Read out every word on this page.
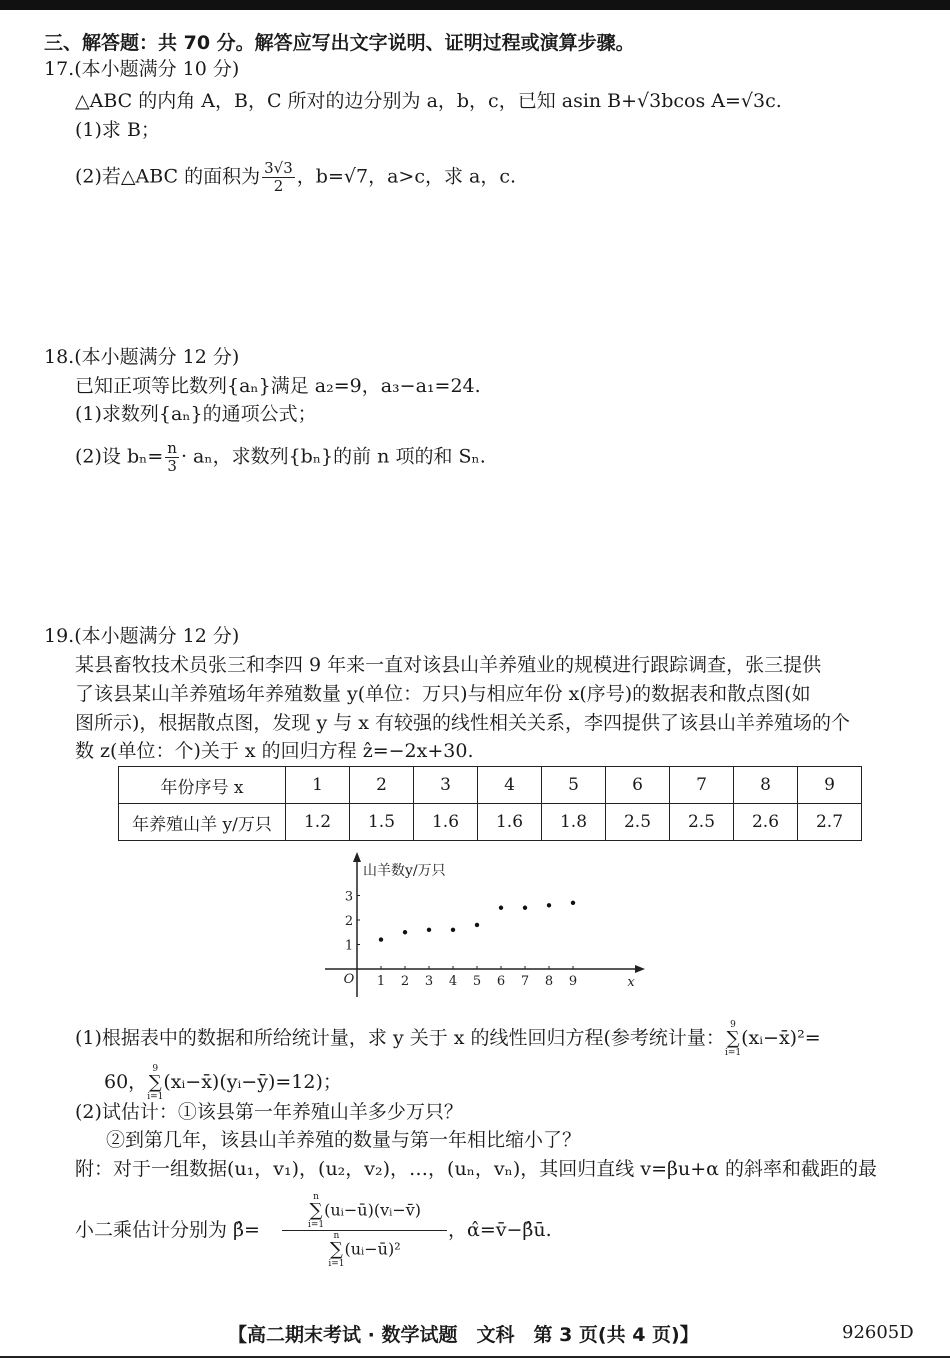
三、解答题：共 70 分。解答应写出文字说明、证明过程或演算步骤。
17.(本小题满分 10 分)
△ABC 的内角 A，B，C 所对的边分别为 a，b，c，已知 asin B+√3bcos A=√3c.
(1)求 B；
(2)若△ABC 的面积为 $\frac{3√3}{2}$ ，b=√7，a>c，求 a，c.
18.(本小题满分 12 分)
已知正项等比数列{aₙ}满足 a₂=9，a₃−a₁=24.
(1)求数列{aₙ}的通项公式；
(2)设 $b_n= \frac{n}{3} \cdot a_n$，求数列{bₙ}的前 n 项的和 Sₙ.
19.(本小题满分 12 分)
某县畜牧技术员张三和李四 9 年来一直对该县山羊养殖业的规模进行跟踪调查，张三提供
了该县某山羊养殖场年养殖数量 y(单位：万只)与相应年份 x(序号)的数据表和散点图(如
图所示)，根据散点图，发现 y 与 x 有较强的线性相关关系，李四提供了该县山羊养殖场的个
数 z(单位：个)关于 x 的回归方程 ẑ=−2x+30.
年份序号 x	1	2	3	4	5	6	7	8	9
年养殖山羊 y/万只	1.2	1.5	1.6	1.6	1.8	2.5	2.5	2.6	2.7
山羊数y/万只
x
O 1 2 3 4 5 6 7 8 9
1
2
3
(1)根据表中的数据和所给统计量，求 y 关于 x 的线性回归方程(参考统计量：9
∑
i=1(xᵢ−x̄)²=
60，9
∑
i=1(xᵢ−x̄)(yᵢ−ȳ)=12)；
(2)试估计：①该县第一年养殖山羊多少万只？
②到第几年，该县山羊养殖的数量与第一年相比缩小了？
附：对于一组数据(u₁，v₁)，(u₂，v₂)，…，(uₙ，vₙ)，其回归直线 v=βu+α 的斜率和截距的最
小二乘估计分别为 β̂= n
∑
i=1(uᵢ−ū)(vᵢ−v̄)
n
∑
i=1(uᵢ−ū)² ，α̂=v̄−β̂ū.
【高二期末考试 · 数学试题　文科　第 3 页(共 4 页)】	92605D
